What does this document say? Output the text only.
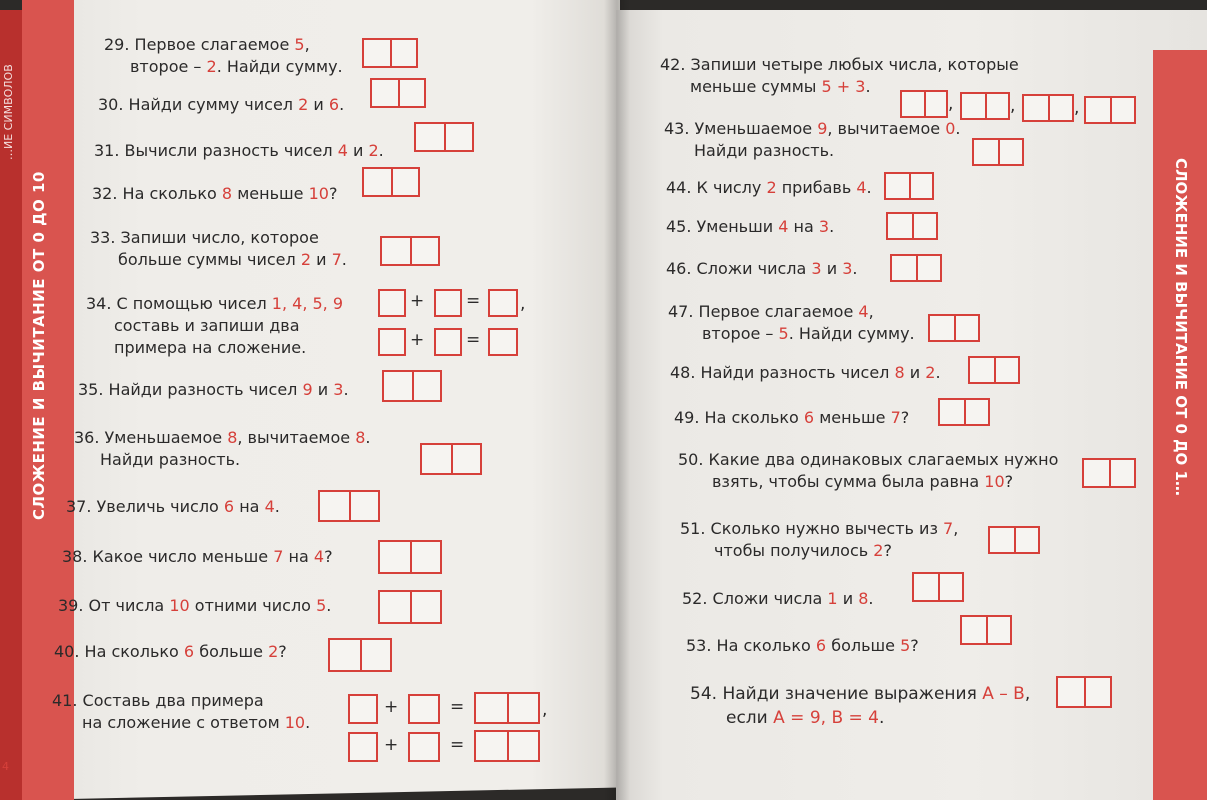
СЛОЖЕНИЕ И ВЫЧИТАНИЕ ОТ 0 ДО 10
…ИЕ СИМВОЛОВ
СЛОЖЕНИЕ И ВЫЧИТАНИЕ ОТ 0 ДО 1…
4
29. Первое слагаемое 5,
второе – 2. Найди сумму.
30. Найди сумму чисел 2 и 6.
31. Вычисли разность чисел 4 и 2.
32. На сколько 8 меньше 10?
33. Запиши число, которое
больше суммы чисел 2 и 7.
34. С помощью чисел 1, 4, 5, 9
составь и запиши два
примера на сложение.
+ = ,
+ =
35. Найди разность чисел 9 и 3.
36. Уменьшаемое 8, вычитаемое 8.
Найди разность.
37. Увеличь число 6 на 4.
38. Какое число меньше 7 на 4?
39. От числа 10 отними число 5.
40. На сколько 6 больше 2?
41. Составь два примера
на сложение с ответом 10.
+	=	,
+	=
42. Запиши четыре любых числа, которые
меньше суммы 5 + 3.
,	,	,
43. Уменьшаемое 9, вычитаемое 0.
Найди разность.
44. К числу 2 прибавь 4.
45. Уменьши 4 на 3.
46. Сложи числа 3 и 3.
47. Первое слагаемое 4,
второе – 5. Найди сумму.
48. Найди разность чисел 8 и 2.
49. На сколько 6 меньше 7?
50. Какие два одинаковых слагаемых нужно
взять, чтобы сумма была равна 10?
51. Сколько нужно вычесть из 7,
чтобы получилось 2?
52. Сложи числа 1 и 8.
53. На сколько 6 больше 5?
54. Найди значение выражения A – B,
если A = 9, B = 4.
